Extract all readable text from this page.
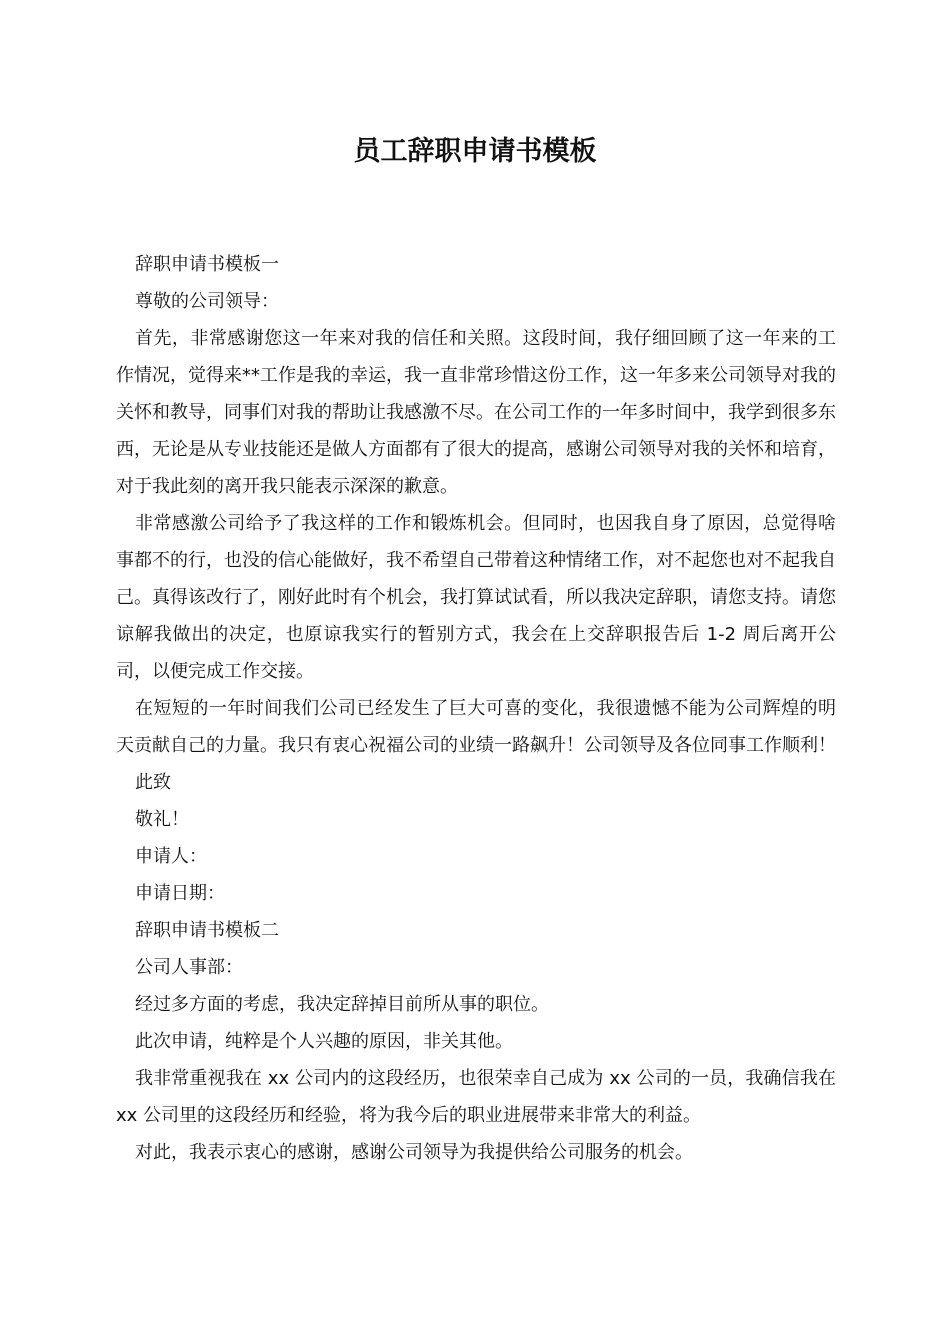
员工辞职申请书模板

辞职申请书模板一

尊敬的公司领导：

首先，非常感谢您这一年来对我的信任和关照。这段时间，我仔细回顾了这一年来的工作情况，觉得来**工作是我的幸运，我一直非常珍惜这份工作，这一年多来公司领导对我的关怀和教导，同事们对我的帮助让我感激不尽。在公司工作的一年多时间中，我学到很多东西，无论是从专业技能还是做人方面都有了很大的提高，感谢公司领导对我的关怀和培育，对于我此刻的离开我只能表示深深的歉意。

非常感激公司给予了我这样的工作和锻炼机会。但同时，也因我自身了原因，总觉得啥事都不的行，也没的信心能做好，我不希望自己带着这种情绪工作，对不起您也对不起我自己。真得该改行了，刚好此时有个机会，我打算试试看，所以我决定辞职，请您支持。请您谅解我做出的决定，也原谅我实行的暂别方式，我会在上交辞职报告后 1-2 周后离开公司，以便完成工作交接。

在短短的一年时间我们公司已经发生了巨大可喜的变化，我很遗憾不能为公司辉煌的明天贡献自己的力量。我只有衷心祝福公司的业绩一路飙升！公司领导及各位同事工作顺利！

此致

敬礼！

申请人：

申请日期：

辞职申请书模板二

公司人事部：

经过多方面的考虑，我决定辞掉目前所从事的职位。

此次申请，纯粹是个人兴趣的原因，非关其他。

我非常重视我在 xx 公司内的这段经历，也很荣幸自己成为 xx 公司的一员，我确信我在 xx 公司里的这段经历和经验，将为我今后的职业进展带来非常大的利益。

对此，我表示衷心的感谢，感谢公司领导为我提供给公司服务的机会。
